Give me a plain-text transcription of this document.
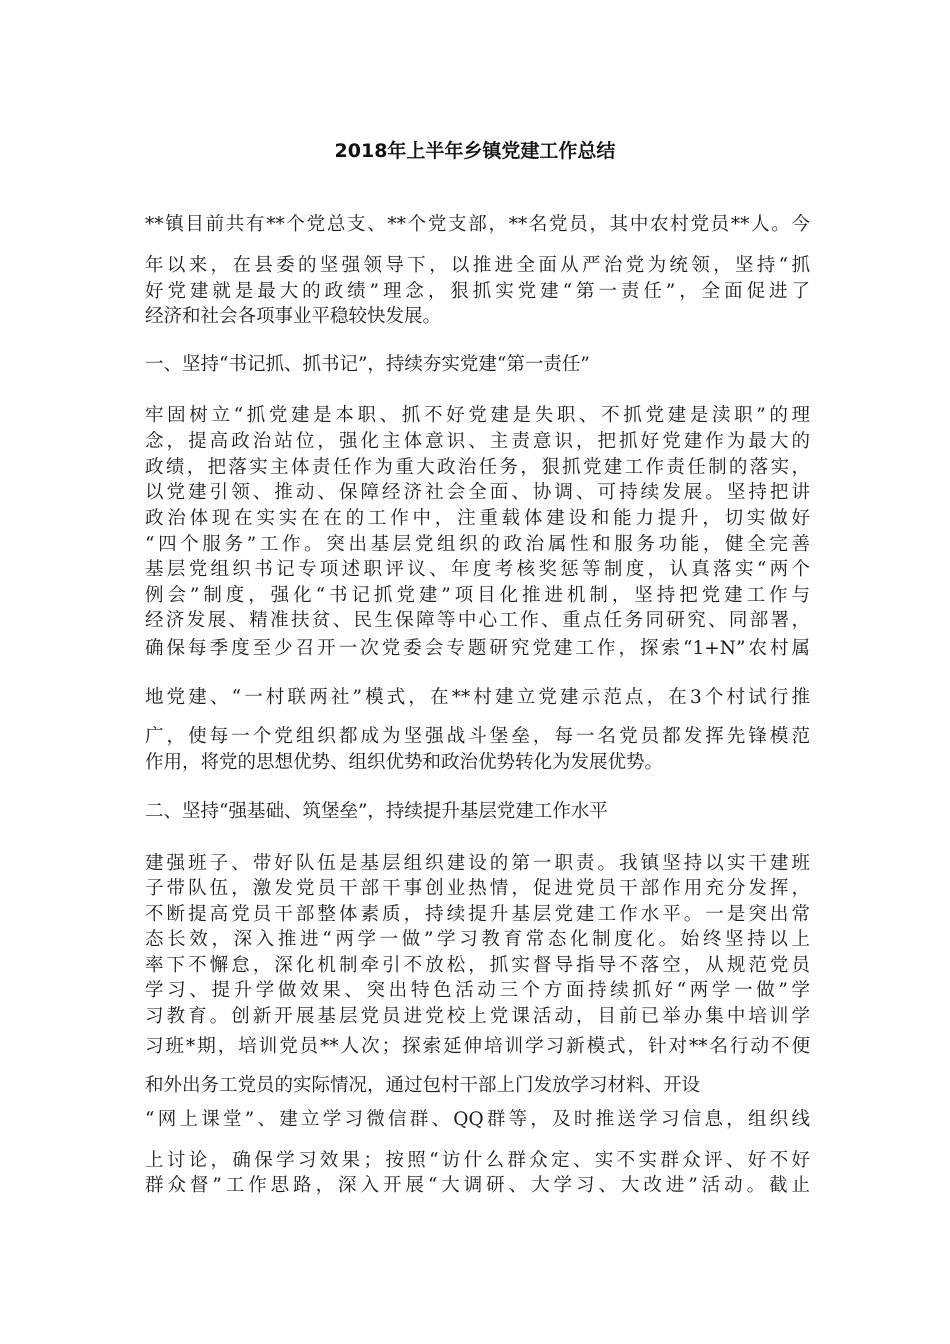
2018年上半年乡镇党建工作总结
**镇目前共有**个党总支、**个党支部，**名党员，其中农村党员**人。今
年以来，在县委的坚强领导下，以推进全面从严治党为统领，坚持“抓
好党建就是最大的政绩”理念，狠抓实党建“第一责任”，全面促进了
经济和社会各项事业平稳较快发展。
一、坚持“书记抓、抓书记”，持续夯实党建“第一责任”
牢固树立“抓党建是本职、抓不好党建是失职、不抓党建是渎职”的理
念，提高政治站位，强化主体意识、主责意识，把抓好党建作为最大的
政绩，把落实主体责任作为重大政治任务，狠抓党建工作责任制的落实，
以党建引领、推动、保障经济社会全面、协调、可持续发展。坚持把讲
政治体现在实实在在的工作中，注重载体建设和能力提升，切实做好
“四个服务”工作。突出基层党组织的政治属性和服务功能，健全完善
基层党组织书记专项述职评议、年度考核奖惩等制度，认真落实“两个
例会”制度，强化“书记抓党建”项目化推进机制，坚持把党建工作与
经济发展、精准扶贫、民生保障等中心工作、重点任务同研究、同部署，
确保每季度至少召开一次党委会专题研究党建工作，探索“1+N”农村属
地党建、“一村联两社”模式，在**村建立党建示范点，在3个村试行推
广，使每一个党组织都成为坚强战斗堡垒，每一名党员都发挥先锋模范
作用，将党的思想优势、组织优势和政治优势转化为发展优势。
二、坚持“强基础、筑堡垒”，持续提升基层党建工作水平
建强班子、带好队伍是基层组织建设的第一职责。我镇坚持以实干建班
子带队伍，激发党员干部干事创业热情，促进党员干部作用充分发挥，
不断提高党员干部整体素质，持续提升基层党建工作水平。一是突出常
态长效，深入推进“两学一做”学习教育常态化制度化。始终坚持以上
率下不懈怠，深化机制牵引不放松，抓实督导指导不落空，从规范党员
学习、提升学做效果、突出特色活动三个方面持续抓好“两学一做”学
习教育。创新开展基层党员进党校上党课活动，目前已举办集中培训学
习班*期，培训党员**人次；探索延伸培训学习新模式，针对**名行动不便
和外出务工党员的实际情况，通过包村干部上门发放学习材料、开设
“网上课堂”、建立学习微信群、QQ群等，及时推送学习信息，组织线
上讨论，确保学习效果；按照“访什么群众定、实不实群众评、好不好
群众督”工作思路，深入开展“大调研、大学习、大改进”活动。截止
